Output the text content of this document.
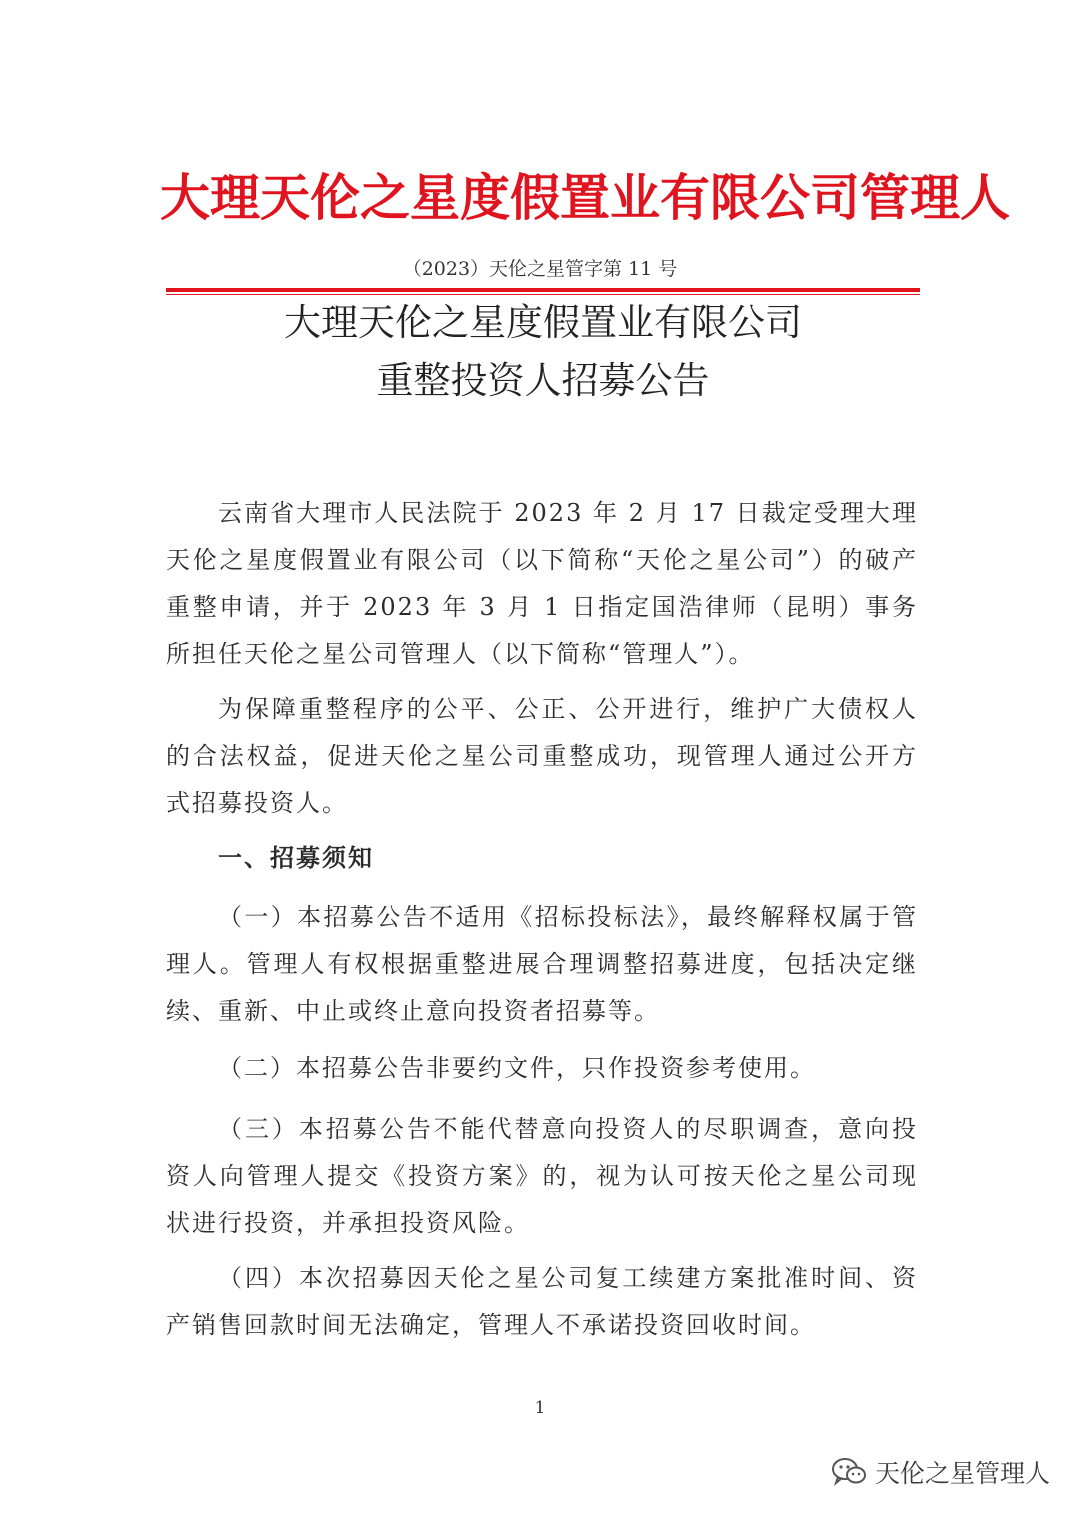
大理天伦之星度假置业有限公司管理人
（2023）天伦之星管字第 11 号
大理天伦之星度假置业有限公司
重整投资人招募公告

云南省大理市人民法院于 2023 年 2 月 17 日裁定受理大理天伦之星度假置业有限公司（以下简称“天伦之星公司”）的破产重整申请，并于 2023 年 3 月 1 日指定国浩律师（昆明）事务所担任天伦之星公司管理人（以下简称“管理人”）。

为保障重整程序的公平、公正、公开进行，维护广大债权人的合法权益，促进天伦之星公司重整成功，现管理人通过公开方式招募投资人。

一、招募须知

（一）本招募公告不适用《招标投标法》，最终解释权属于管理人。管理人有权根据重整进展合理调整招募进度，包括决定继续、重新、中止或终止意向投资者招募等。

（二）本招募公告非要约文件，只作投资参考使用。

（三）本招募公告不能代替意向投资人的尽职调查，意向投资人向管理人提交《投资方案》的，视为认可按天伦之星公司现状进行投资，并承担投资风险。

（四）本次招募因天伦之星公司复工续建方案批准时间、资产销售回款时间无法确定，管理人不承诺投资回收时间。

1
天伦之星管理人
